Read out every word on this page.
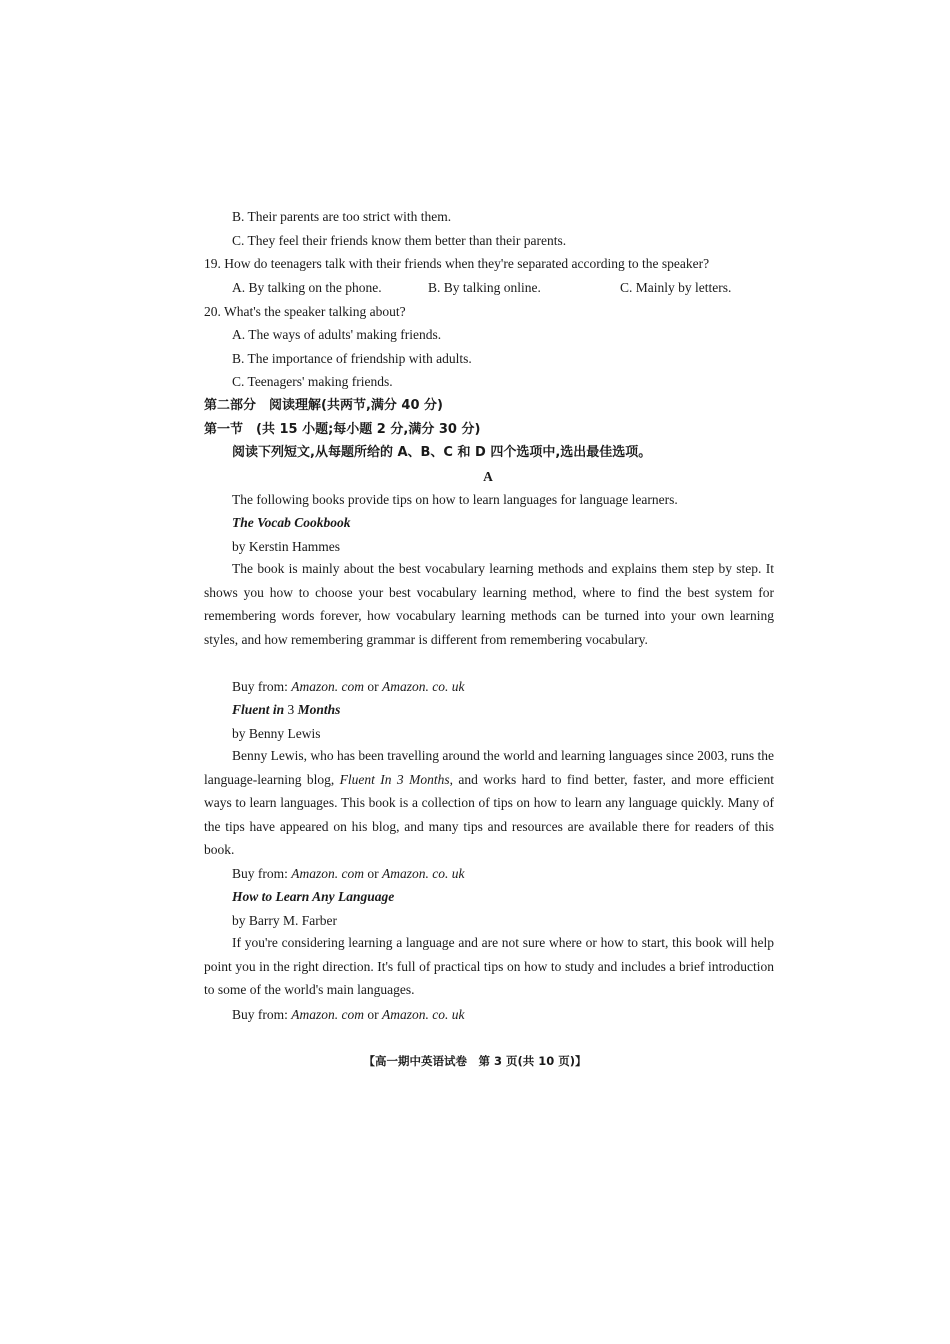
B. Their parents are too strict with them.
C. They feel their friends know them better than their parents.
19. How do teenagers talk with their friends when they're separated according to the speaker?
A. By talking on the phone.	B. By talking online.	C. Mainly by letters.
20. What's the speaker talking about?
A. The ways of adults' making friends.
B. The importance of friendship with adults.
C. Teenagers' making friends.
第二部分　阅读理解(共两节,满分 40 分)
第一节　(共 15 小题;每小题 2 分,满分 30 分)
阅读下列短文,从每题所给的 A、B、C 和 D 四个选项中,选出最佳选项。
A
The following books provide tips on how to learn languages for language learners.
The Vocab Cookbook
by Kerstin Hammes
The book is mainly about the best vocabulary learning methods and explains them step by step. It shows you how to choose your best vocabulary learning method, where to find the best system for remembering words forever, how vocabulary learning methods can be turned into your own learning styles, and how remembering grammar is different from remembering vocabulary.
Buy from: Amazon. com or Amazon. co. uk
Fluent in 3 Months
by Benny Lewis
Benny Lewis, who has been travelling around the world and learning languages since 2003, runs the language-learning blog, Fluent In 3 Months, and works hard to find better, faster, and more efficient ways to learn languages. This book is a collection of tips on how to learn any language quickly. Many of the tips have appeared on his blog, and many tips and resources are available there for readers of this book.
Buy from: Amazon. com or Amazon. co. uk
How to Learn Any Language
by Barry M. Farber
If you're considering learning a language and are not sure where or how to start, this book will help point you in the right direction. It's full of practical tips on how to study and includes a brief introduction to some of the world's main languages.
Buy from: Amazon. com or Amazon. co. uk
【高一期中英语试卷　第 3 页(共 10 页)】
